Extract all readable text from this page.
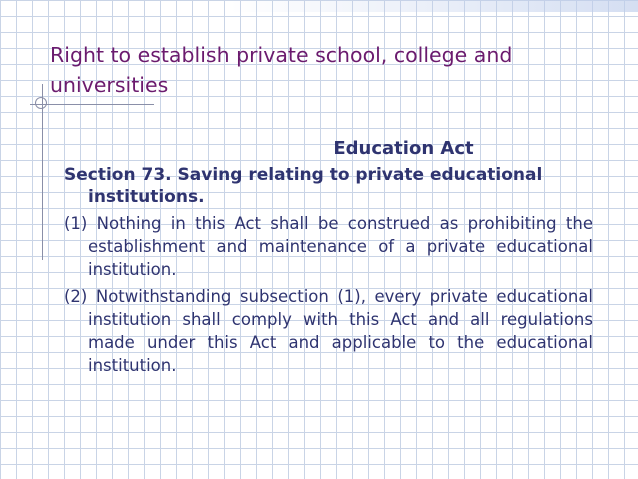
Right to establish private school, college and universities

Education Act

Section 73. Saving relating to private educational institutions.

(1) Nothing in this Act shall be construed as prohibiting the establishment and maintenance of a private educational institution.

(2) Notwithstanding subsection (1), every private educational institution shall comply with this Act and all regulations made under this Act and applicable to the educational institution.
